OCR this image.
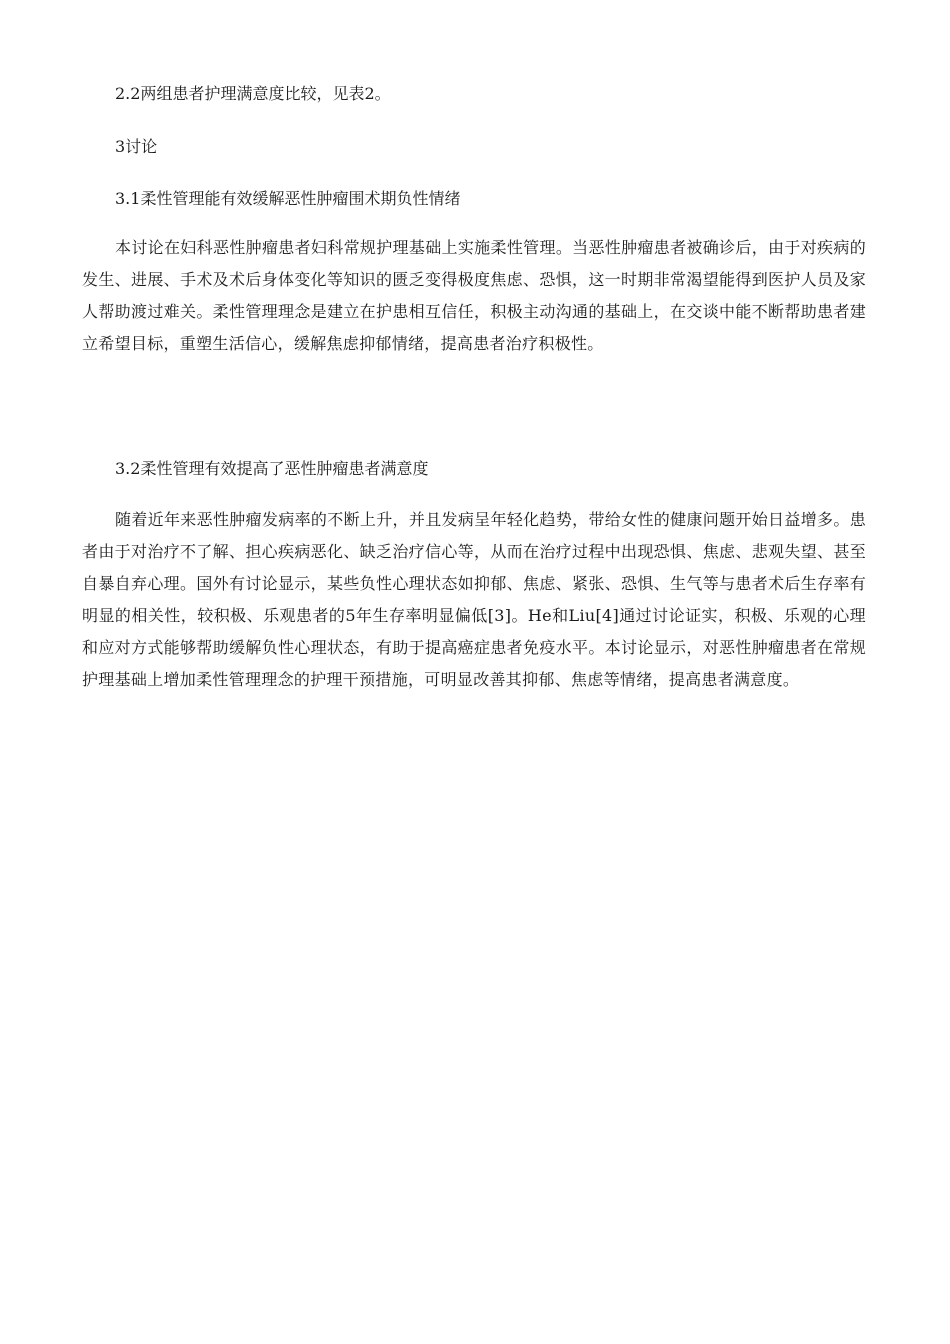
2.2两组患者护理满意度比较，见表2。

3讨论

3.1柔性管理能有效缓解恶性肿瘤围术期负性情绪

本讨论在妇科恶性肿瘤患者妇科常规护理基础上实施柔性管理。当恶性肿瘤患者被确诊后，由于对疾病的发生、进展、手术及术后身体变化等知识的匮乏变得极度焦虑、恐惧，这一时期非常渴望能得到医护人员及家人帮助渡过难关。柔性管理理念是建立在护患相互信任，积极主动沟通的基础上，在交谈中能不断帮助患者建立希望目标，重塑生活信心，缓解焦虑抑郁情绪，提高患者治疗积极性。

3.2柔性管理有效提高了恶性肿瘤患者满意度

随着近年来恶性肿瘤发病率的不断上升，并且发病呈年轻化趋势，带给女性的健康问题开始日益增多。患者由于对治疗不了解、担心疾病恶化、缺乏治疗信心等，从而在治疗过程中出现恐惧、焦虑、悲观失望、甚至自暴自弃心理。国外有讨论显示，某些负性心理状态如抑郁、焦虑、紧张、恐惧、生气等与患者术后生存率有明显的相关性，较积极、乐观患者的5年生存率明显偏低[3]。He和Liu[4]通过讨论证实，积极、乐观的心理和应对方式能够帮助缓解负性心理状态，有助于提高癌症患者免疫水平。本讨论显示，对恶性肿瘤患者在常规护理基础上增加柔性管理理念的护理干预措施，可明显改善其抑郁、焦虑等情绪，提高患者满意度。
